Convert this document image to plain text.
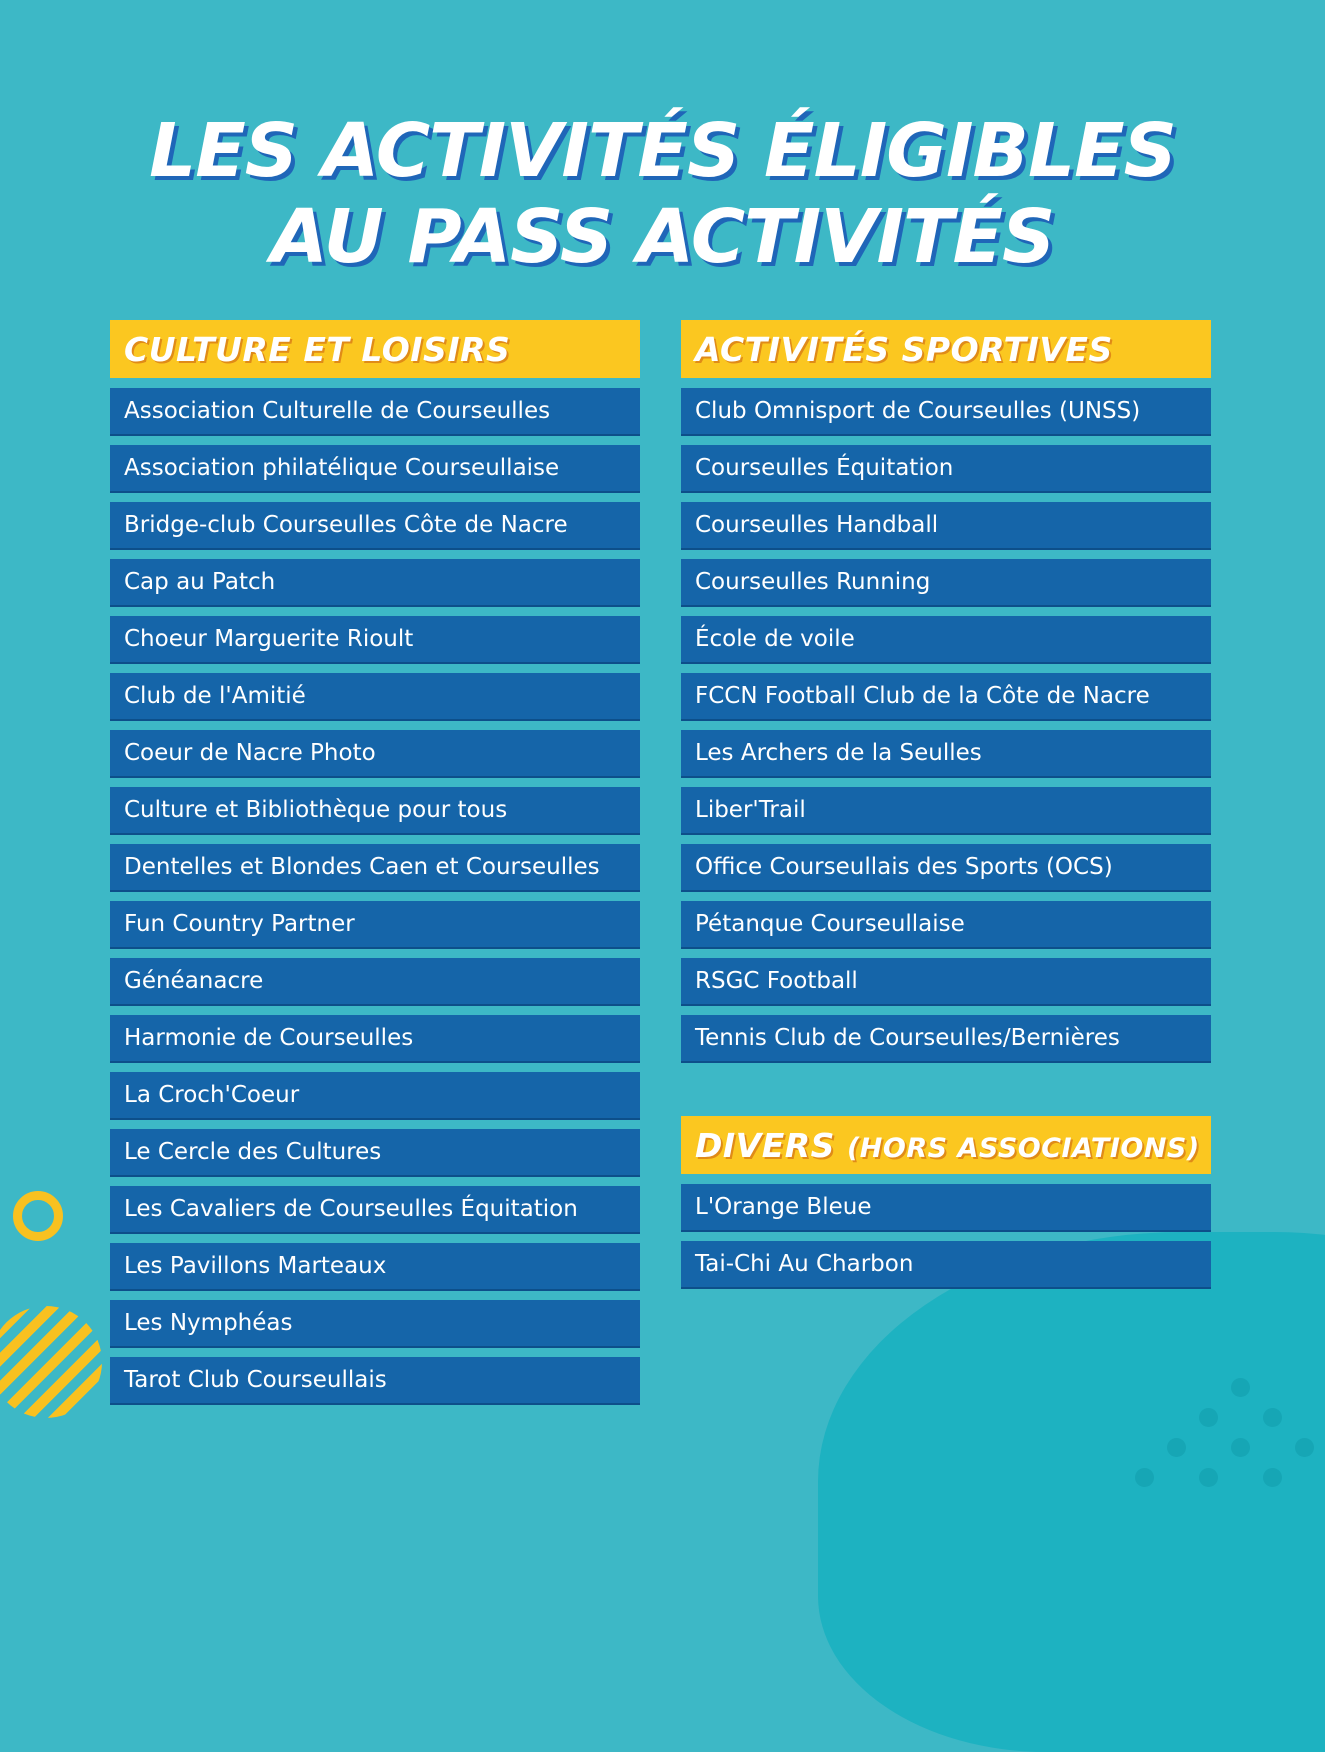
LES ACTIVITÉS ÉLIGIBLES
AU PASS ACTIVITÉS
CULTURE ET LOISIRS
Association Culturelle de Courseulles
Association philatélique Courseullaise
Bridge-club Courseulles Côte de Nacre
Cap au Patch
Choeur Marguerite Rioult
Club de l'Amitié
Coeur de Nacre Photo
Culture et Bibliothèque pour tous
Dentelles et Blondes Caen et Courseulles
Fun Country Partner
Généanacre
Harmonie de Courseulles
La Croch'Coeur
Le Cercle des Cultures
Les Cavaliers de Courseulles Équitation
Les Pavillons Marteaux
Les Nymphéas
Tarot Club Courseullais
ACTIVITÉS SPORTIVES
Club Omnisport de Courseulles (UNSS)
Courseulles Équitation
Courseulles Handball
Courseulles Running
École de voile
FCCN Football Club de la Côte de Nacre
Les Archers de la Seulles
Liber'Trail
Office Courseullais des Sports (OCS)
Pétanque Courseullaise
RSGC Football
Tennis Club de Courseulles/Bernières
DIVERS (HORS ASSOCIATIONS)
L'Orange Bleue
Tai-Chi Au Charbon
